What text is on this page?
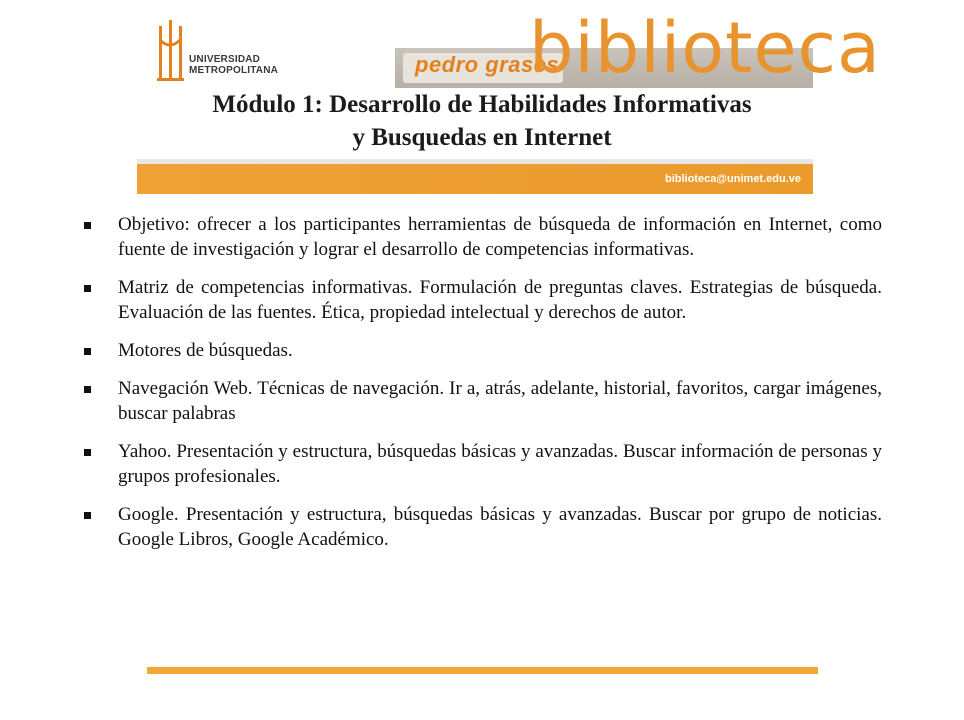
UNIVERSIDAD
METROPOLITANA	pedro grases
biblioteca
biblioteca@unimet.edu.ve
Módulo 1: Desarrollo de Habilidades Informativas
y Busquedas en Internet
Objetivo: ofrecer a los participantes herramientas de búsqueda de información en Internet, como fuente de investigación y lograr el desarrollo de competencias informativas.
Matriz de competencias informativas. Formulación de preguntas claves. Estrategias de búsqueda. Evaluación de las fuentes. Ética, propiedad intelectual y derechos de autor.
Motores de búsquedas.
Navegación Web. Técnicas de navegación. Ir a, atrás, adelante, historial, favoritos, cargar imágenes, buscar palabras
Yahoo. Presentación y estructura, búsquedas básicas y avanzadas. Buscar información de personas y grupos profesionales.
Google. Presentación y estructura, búsquedas básicas y avanzadas. Buscar por grupo de noticias. Google Libros, Google Académico.
